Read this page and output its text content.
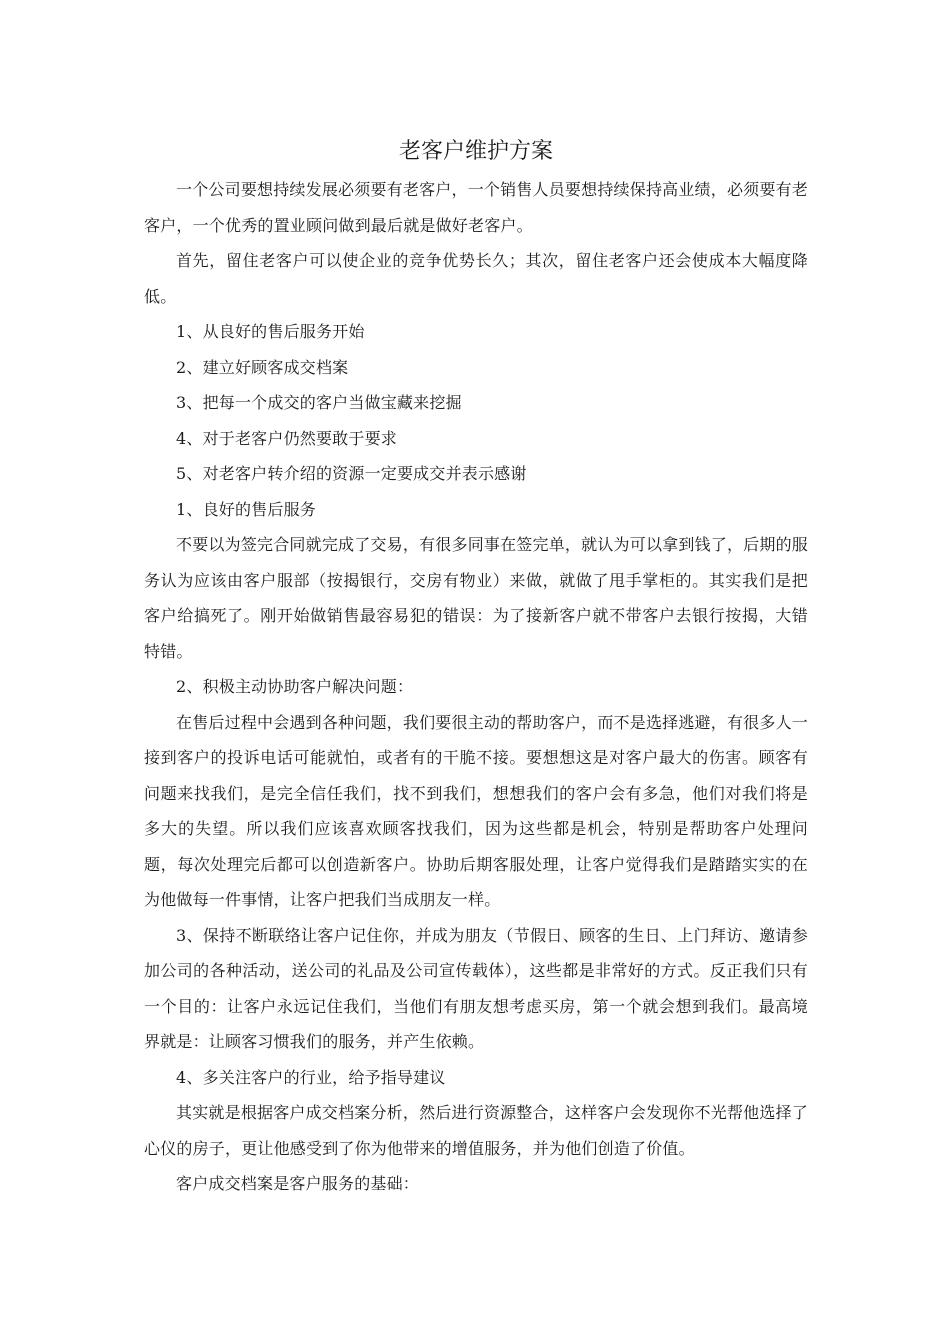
老客户维护方案

一个公司要想持续发展必须要有老客户，一个销售人员要想持续保持高业绩，必须要有老客户，一个优秀的置业顾问做到最后就是做好老客户。

首先，留住老客户可以使企业的竞争优势长久；其次，留住老客户还会使成本大幅度降低。

1、从良好的售后服务开始

2、建立好顾客成交档案

3、把每一个成交的客户当做宝藏来挖掘

4、对于老客户仍然要敢于要求

5、对老客户转介绍的资源一定要成交并表示感谢

1、良好的售后服务

不要以为签完合同就完成了交易，有很多同事在签完单，就认为可以拿到钱了，后期的服务认为应该由客户服部（按揭银行，交房有物业）来做，就做了甩手掌柜的。其实我们是把客户给搞死了。刚开始做销售最容易犯的错误：为了接新客户就不带客户去银行按揭，大错特错。

2、积极主动协助客户解决问题：

在售后过程中会遇到各种问题，我们要很主动的帮助客户，而不是选择逃避，有很多人一接到客户的投诉电话可能就怕，或者有的干脆不接。要想想这是对客户最大的伤害。顾客有问题来找我们，是完全信任我们，找不到我们，想想我们的客户会有多急，他们对我们将是多大的失望。所以我们应该喜欢顾客找我们，因为这些都是机会，特别是帮助客户处理问题，每次处理完后都可以创造新客户。协助后期客服处理，让客户觉得我们是踏踏实实的在为他做每一件事情，让客户把我们当成朋友一样。

3、保持不断联络让客户记住你，并成为朋友（节假日、顾客的生日、上门拜访、邀请参加公司的各种活动，送公司的礼品及公司宣传载体），这些都是非常好的方式。反正我们只有一个目的：让客户永远记住我们，当他们有朋友想考虑买房，第一个就会想到我们。最高境界就是：让顾客习惯我们的服务，并产生依赖。

4、多关注客户的行业，给予指导建议

其实就是根据客户成交档案分析，然后进行资源整合，这样客户会发现你不光帮他选择了心仪的房子，更让他感受到了你为他带来的增值服务，并为他们创造了价值。

客户成交档案是客户服务的基础：
